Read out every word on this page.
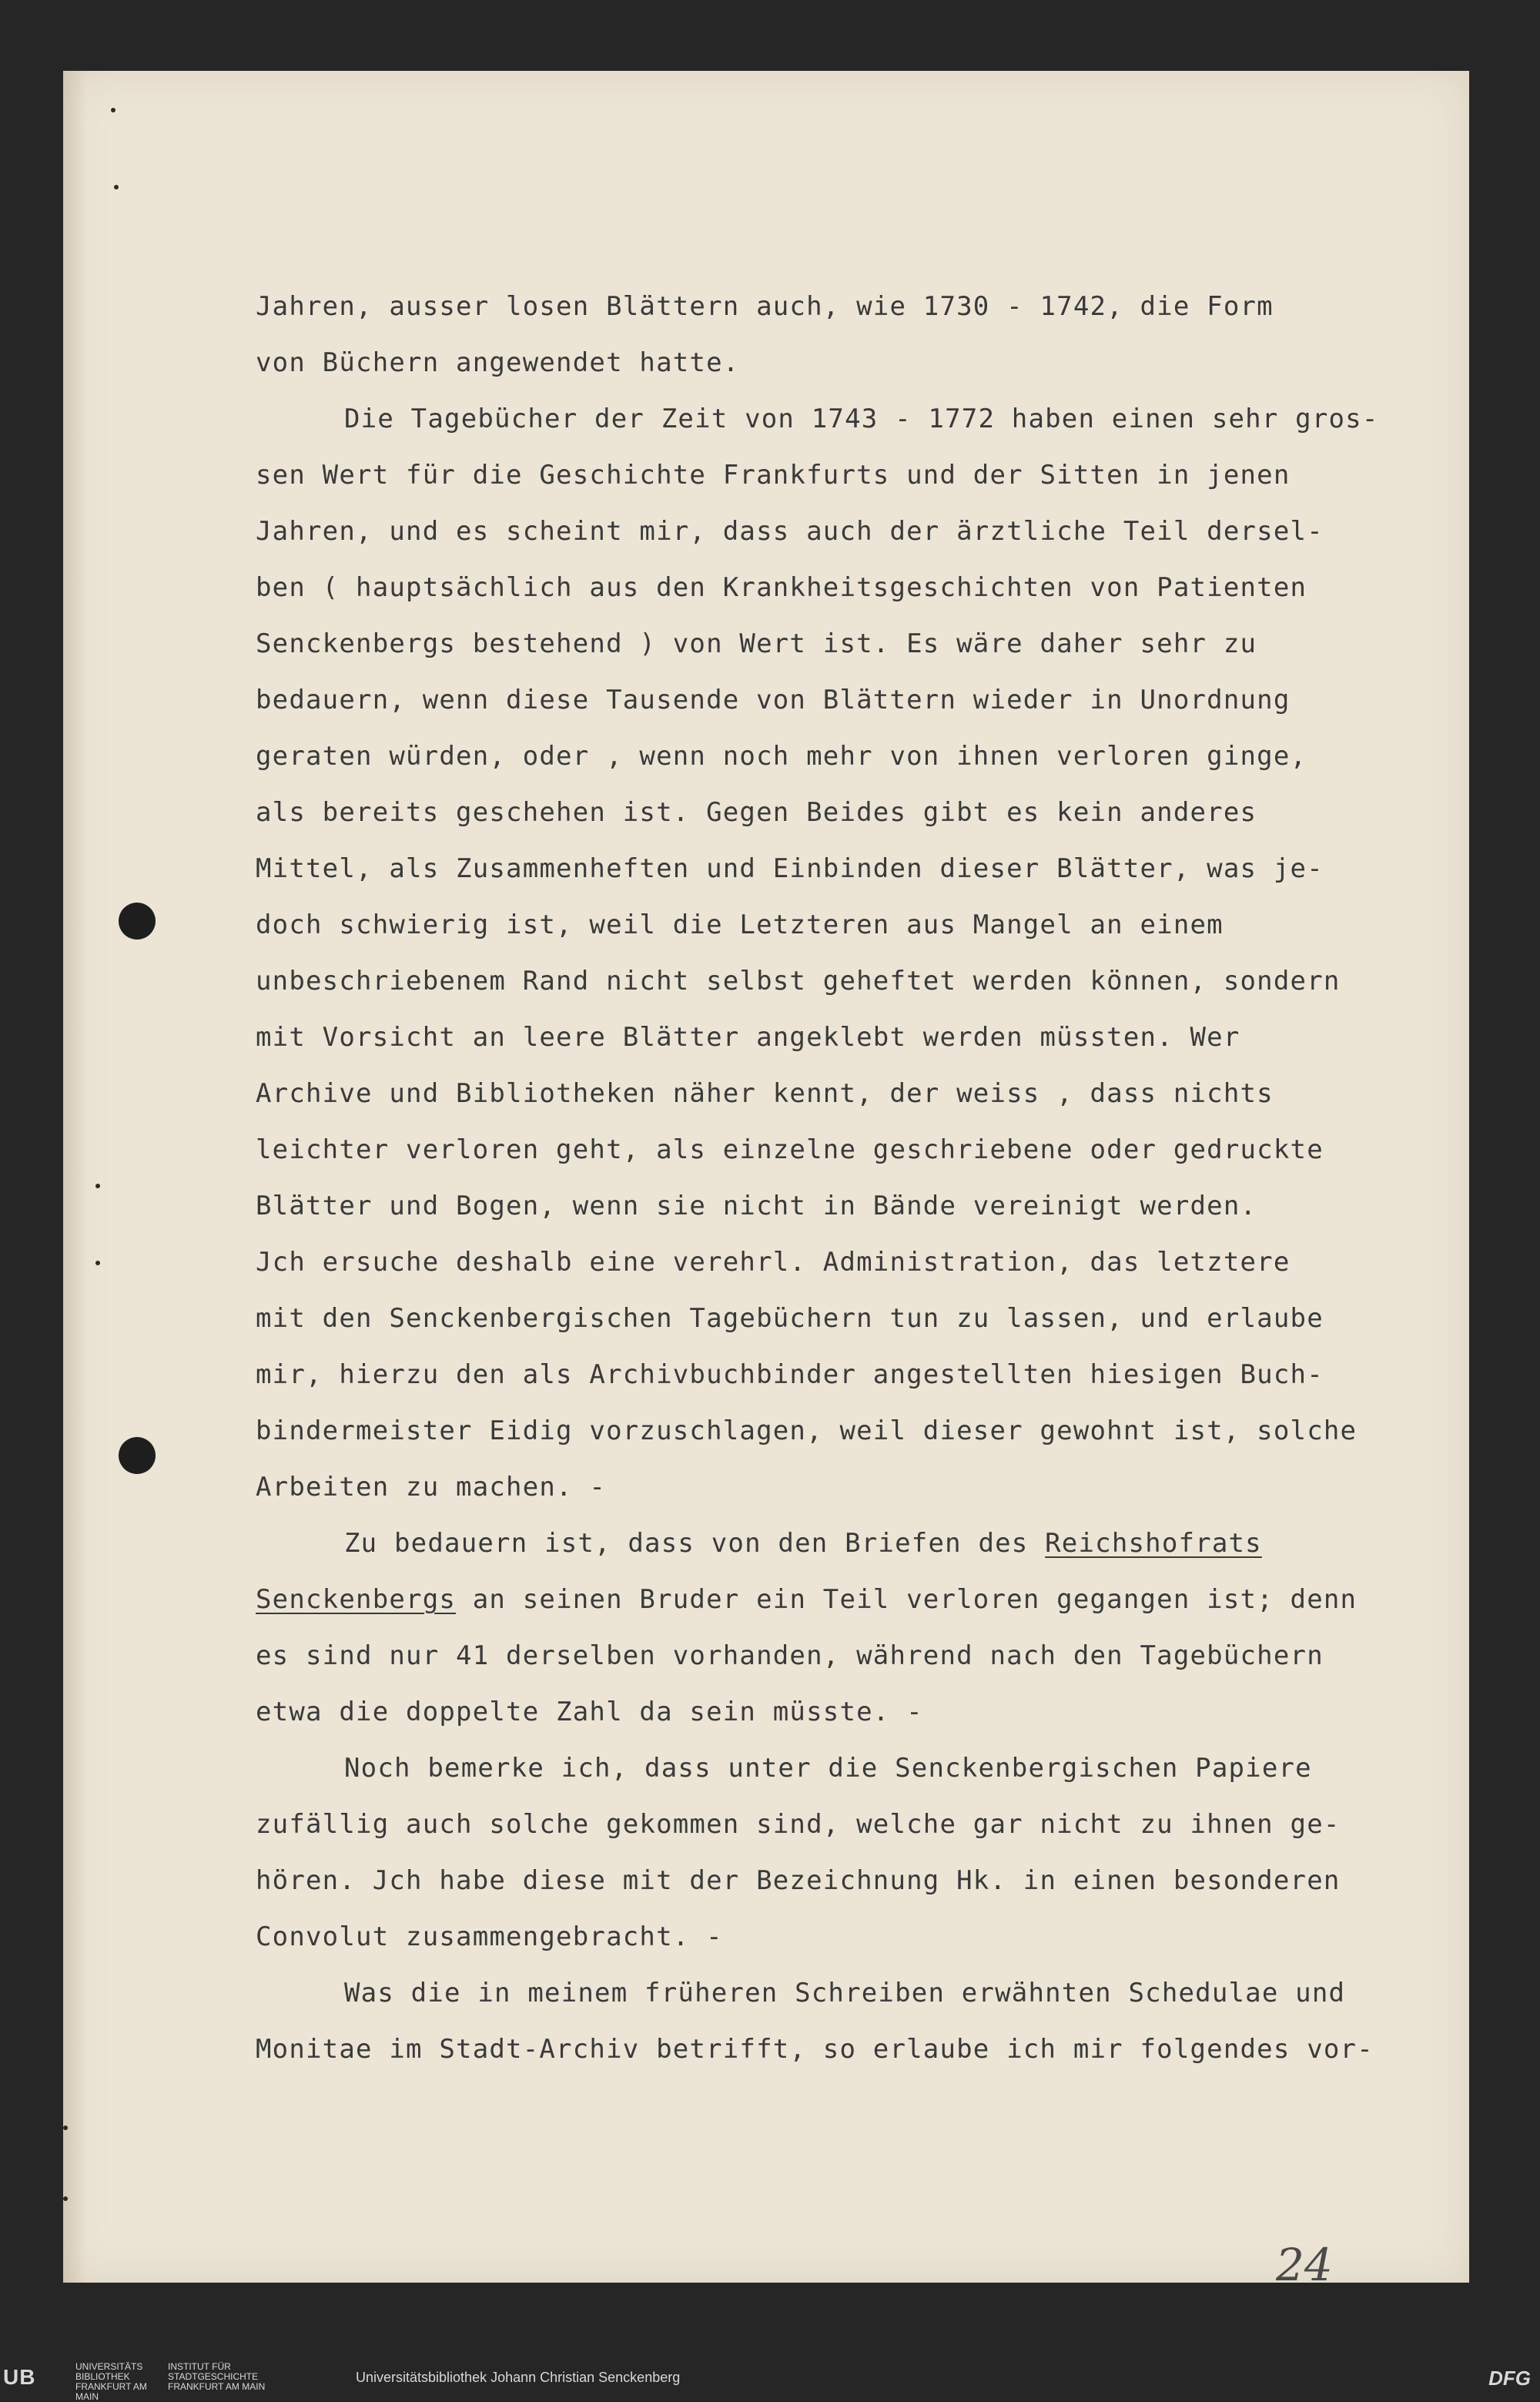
Jahren, ausser losen Blättern auch, wie 1730 - 1742, die Form
von Büchern angewendet hatte.
Die Tagebücher der Zeit von 1743 - 1772 haben einen sehr gros-
sen Wert für die Geschichte Frankfurts und der Sitten in jenen
Jahren, und es scheint mir, dass auch der ärztliche Teil dersel-
ben ( hauptsächlich aus den Krankheitsgeschichten von Patienten
Senckenbergs bestehend ) von Wert ist. Es wäre daher sehr zu
bedauern, wenn diese Tausende von Blättern wieder in Unordnung
geraten würden, oder , wenn noch mehr von ihnen verloren ginge,
als bereits geschehen ist. Gegen Beides gibt es kein anderes
Mittel, als Zusammenheften und Einbinden dieser Blätter, was je-
doch schwierig ist, weil die Letzteren aus Mangel an einem
unbeschriebenem Rand nicht selbst geheftet werden können, sondern
mit Vorsicht an leere Blätter angeklebt werden müssten. Wer
Archive und Bibliotheken näher kennt, der weiss , dass nichts
leichter verloren geht, als einzelne geschriebene oder gedruckte
Blätter und Bogen, wenn sie nicht in Bände vereinigt werden.
Jch ersuche deshalb eine verehrl. Administration, das letztere
mit den Senckenbergischen Tagebüchern tun zu lassen, und erlaube
mir, hierzu den als Archivbuchbinder angestellten hiesigen Buch-
bindermeister Eidig vorzuschlagen, weil dieser gewohnt ist, solche
Arbeiten zu machen. -
Zu bedauern ist, dass von den Briefen des Reichshofrats
Senckenbergs an seinen Bruder ein Teil verloren gegangen ist; denn
es sind nur 41 derselben vorhanden, während nach den Tagebüchern
etwa die doppelte Zahl da sein müsste. -
Noch bemerke ich, dass unter die Senckenbergischen Papiere
zufällig auch solche gekommen sind, welche gar nicht zu ihnen ge-
hören. Jch habe diese mit der Bezeichnung Hk. in einen besonderen
Convolut zusammengebracht. -
Was die in meinem früheren Schreiben erwähnten Schedulae und
Monitae im Stadt-Archiv betrifft, so erlaube ich mir folgendes vor-
24
UB	UNIVERSITÄTS BIBLIOTHEK FRANKFURT AM MAIN
INSTITUT FÜR STADTGESCHICHTE FRANKFURT AM MAIN
Universitätsbibliothek Johann Christian Senckenberg	DFG
